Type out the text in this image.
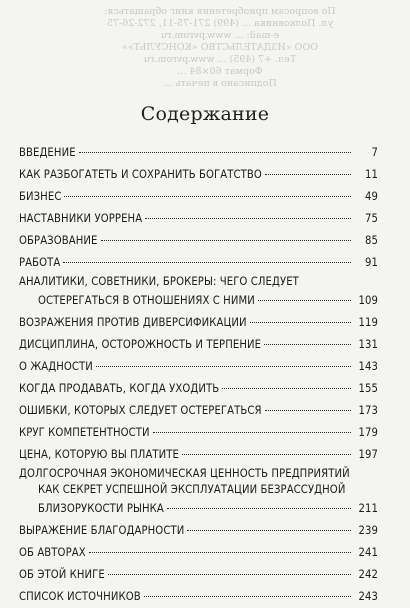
По вопросам приобретения книг обращаться:
ул. Полковника ... (499) 271-75-11, 272-26-75
e-mail: ... www.pvrom.ru
ООО «ИЗДАТЕЛЬСТВО «КОНСУЛЬТ»»
Тел. +7 (495) ... www.pvrom.ru
Формат 60×84 ...
Подписано в печать ...
Содержание
ВВЕДЕНИЕ	7
КАК РАЗБОГАТЕТЬ И СОХРАНИТЬ БОГАТСТВО	11
БИЗНЕС	49
НАСТАВНИКИ УОРРЕНА	75
ОБРАЗОВАНИЕ	85
РАБОТА	91
АНАЛИТИКИ, СОВЕТНИКИ, БРОКЕРЫ: ЧЕГО СЛЕДУЕТ
ОСТЕРЕГАТЬСЯ В ОТНОШЕНИЯХ С НИМИ	109
ВОЗРАЖЕНИЯ ПРОТИВ ДИВЕРСИФИКАЦИИ	119
ДИСЦИПЛИНА, ОСТОРОЖНОСТЬ И ТЕРПЕНИЕ	131
О ЖАДНОСТИ	143
КОГДА ПРОДАВАТЬ, КОГДА УХОДИТЬ	155
ОШИБКИ, КОТОРЫХ СЛЕДУЕТ ОСТЕРЕГАТЬСЯ	173
КРУГ КОМПЕТЕНТНОСТИ	179
ЦЕНА, КОТОРУЮ ВЫ ПЛАТИТЕ	197
ДОЛГОСРОЧНАЯ ЭКОНОМИЧЕСКАЯ ЦЕННОСТЬ ПРЕДПРИЯТИЙ
КАК СЕКРЕТ УСПЕШНОЙ ЭКСПЛУАТАЦИИ БЕЗРАССУДНОЙ
БЛИЗОРУКОСТИ РЫНКА	211
ВЫРАЖЕНИЕ БЛАГОДАРНОСТИ	239
ОБ АВТОРАХ	241
ОБ ЭТОЙ КНИГЕ	242
СПИСОК ИСТОЧНИКОВ	243
